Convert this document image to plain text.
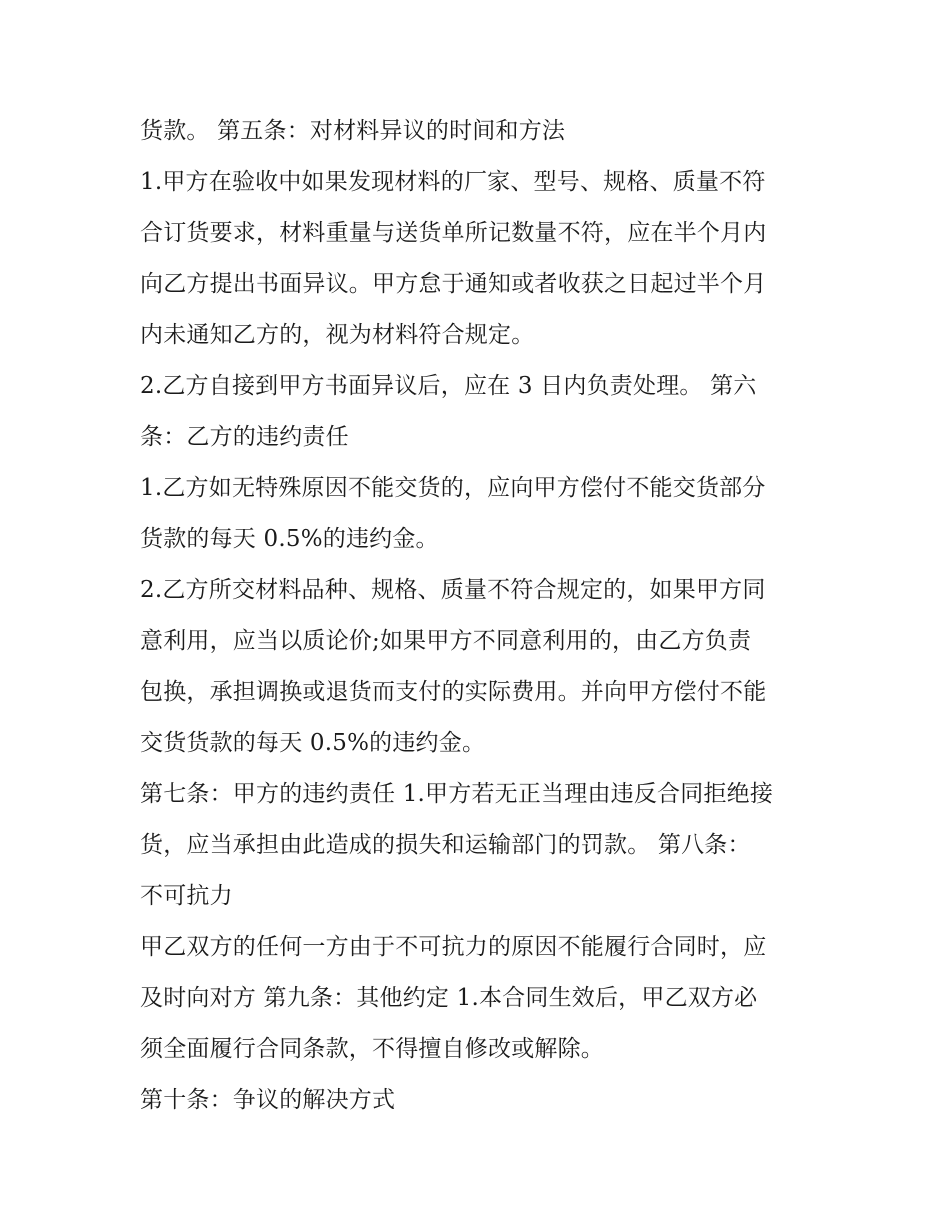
货款。 第五条：对材料异议的时间和方法
1.甲方在验收中如果发现材料的厂家、型号、规格、质量不符
合订货要求，材料重量与送货单所记数量不符，应在半个月内
向乙方提出书面异议。甲方怠于通知或者收获之日起过半个月
内未通知乙方的，视为材料符合规定。
2.乙方自接到甲方书面异议后，应在 3 日内负责处理。 第六
条：乙方的违约责任
1.乙方如无特殊原因不能交货的，应向甲方偿付不能交货部分
货款的每天 0.5%的违约金。
2.乙方所交材料品种、规格、质量不符合规定的，如果甲方同
意利用，应当以质论价;如果甲方不同意利用的，由乙方负责
包换，承担调换或退货而支付的实际费用。并向甲方偿付不能
交货货款的每天 0.5%的违约金。
第七条：甲方的违约责任 1.甲方若无正当理由违反合同拒绝接
货，应当承担由此造成的损失和运输部门的罚款。 第八条：
不可抗力
甲乙双方的任何一方由于不可抗力的原因不能履行合同时，应
及时向对方 第九条：其他约定 1.本合同生效后，甲乙双方必
须全面履行合同条款，不得擅自修改或解除。
第十条：争议的解决方式
